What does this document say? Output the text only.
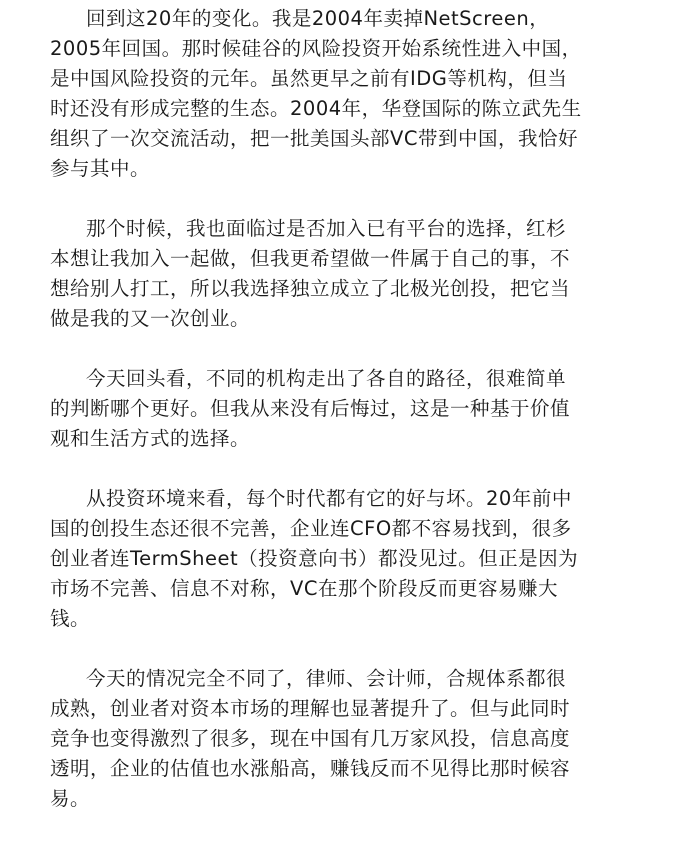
回到这20年的变化。我是2004年卖掉NetScreen，
2005年回国。那时候硅谷的风险投资开始系统性进入中国，
是中国风险投资的元年。虽然更早之前有IDG等机构，但当
时还没有形成完整的生态。2004年，华登国际的陈立武先生
组织了一次交流活动，把一批美国头部VC带到中国，我恰好
参与其中。
那个时候，我也面临过是否加入已有平台的选择，红杉
本想让我加入一起做，但我更希望做一件属于自己的事，不
想给别人打工，所以我选择独立成立了北极光创投，把它当
做是我的又一次创业。
今天回头看，不同的机构走出了各自的路径，很难简单
的判断哪个更好。但我从来没有后悔过，这是一种基于价值
观和生活方式的选择。
从投资环境来看，每个时代都有它的好与坏。20年前中
国的创投生态还很不完善，企业连CFO都不容易找到，很多
创业者连TermSheet（投资意向书）都没见过。但正是因为
市场不完善、信息不对称，VC在那个阶段反而更容易赚大
钱。
今天的情况完全不同了，律师、会计师，合规体系都很
成熟，创业者对资本市场的理解也显著提升了。但与此同时
竞争也变得激烈了很多，现在中国有几万家风投，信息高度
透明，企业的估值也水涨船高，赚钱反而不见得比那时候容
易。
